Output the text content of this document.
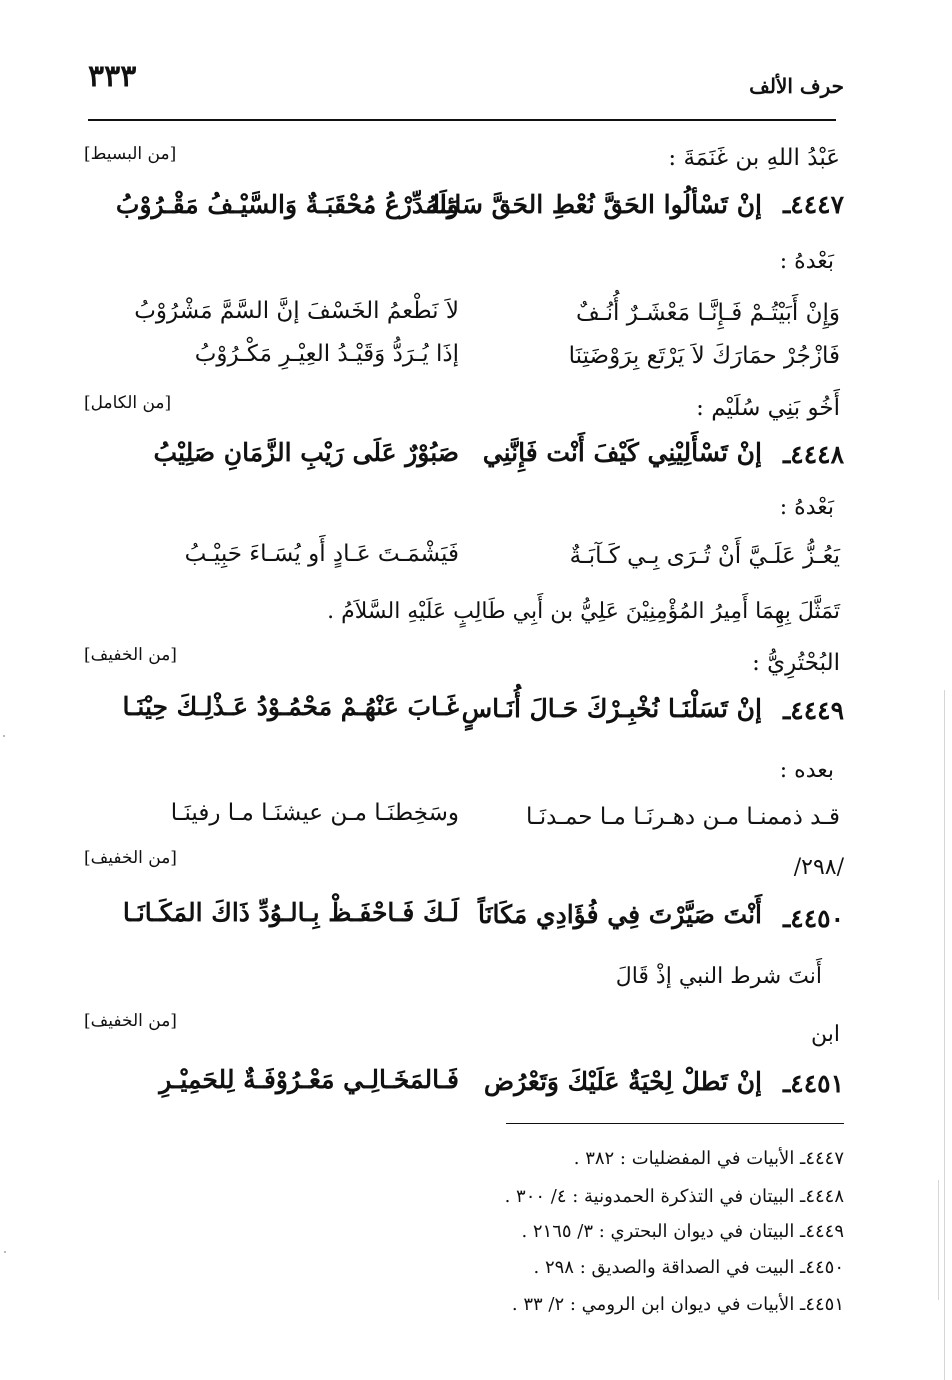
٣٣٣	حرف الألف
عَبْدُ اللهِ بن غَنَمَةَ :
[من البسيط]
٤٤٤٧ـ
إنْ تَسْألُوا الحَقَّ نُعْطِ الحَقَّ سَائِلَهُ
وَالـدِّرْعُ مُحْقَبَـةٌ وَالسَّيْـفُ مَقْـرُوْبُ
بَعْدهُ :
وَإِنْ أَبَيْتُـمْ فَـإِنَّـا مَعْشَـرٌ أُنُـفٌ
لاَ نَطْعمُ الخَسْفَ إنَّ السَّمَّ مَشْرُوْبُ
فَازْجُرْ حمَارَكَ لاَ يَرْتَع بِرَوْضَتِنَا
إذَا يُـرَدُّ وَقَيْـدُ العِيْـرِ مَكْـرُوْبُ
أَخُو بَنِي سُلَيْم :
[من الكامل]
٤٤٤٨ـ
إنْ تَسْأَلِيْنِي كَيْفَ أَنْت فَإِنَّنِي
صَبُوْرٌ عَلَى رَيْبِ الزَّمَانِ صَلِيْبُ
بَعْدهُ :
يَعُـزُّ عَلَـيَّ أَنْ تُـرَى بِـي كَـآبَـةٌ
فَيَشْمَـتَ عَـادٍ أَو يُسَـاءَ حَبِيْـبُ
تَمَثَّلَ بِهِمَا أَمِيرُ المُؤْمِنِيْنَ عَلِيُّ بن أَبِي طَالِبٍ عَلَيْهِ السَّلاَمُ .
البُحْتُرِيُّ :
[من الخفيف]
٤٤٤٩ـ
إنْ تَسَلْنَـا نُخْبِـرْكَ حَـالَ أُنَـاسٍ
غَـابَ عَنْهُـمْ مَحْمُـوْدُ عَـذْلِـكَ حِيْنَـا
بعده :
قـد ذممنـا مـن دهـرنَـا مـا حمـدنَـا
وسَخِطنَـا مـن عيشنَـا مـا رفينَـا
/٢٩٨/
[من الخفيف]
٤٤٥٠ـ
أَنْتَ صَيَّرْتَ فِي فُؤَادِي مَكَانَاً
لَـكَ فَـاحْفَـظْ بِـالـوُدِّ ذَاكَ المَكَـانَـا
أَنتَ شرط النبي إذْ قَالَ
ابن
[من الخفيف]
٤٤٥١ـ
إنْ تَطلْ لِحْيَةٌ عَلَيْكَ وَتَعْرُض
فَـالمَخَـالِـي مَعْـرُوْفَـةٌ لِلحَمِيْـرِ
٤٤٤٧ـ الأبيات في المفضليات : ٣٨٢ .
٤٤٤٨ـ البيتان في التذكرة الحمدونية : ٤/ ٣٠٠ .
٤٤٤٩ـ البيتان في ديوان البحتري : ٣/ ٢١٦٥ .
٤٤٥٠ـ البيت في الصداقة والصديق : ٢٩٨ .
٤٤٥١ـ الأبيات في ديوان ابن الرومي : ٢/ ٣٣ .
